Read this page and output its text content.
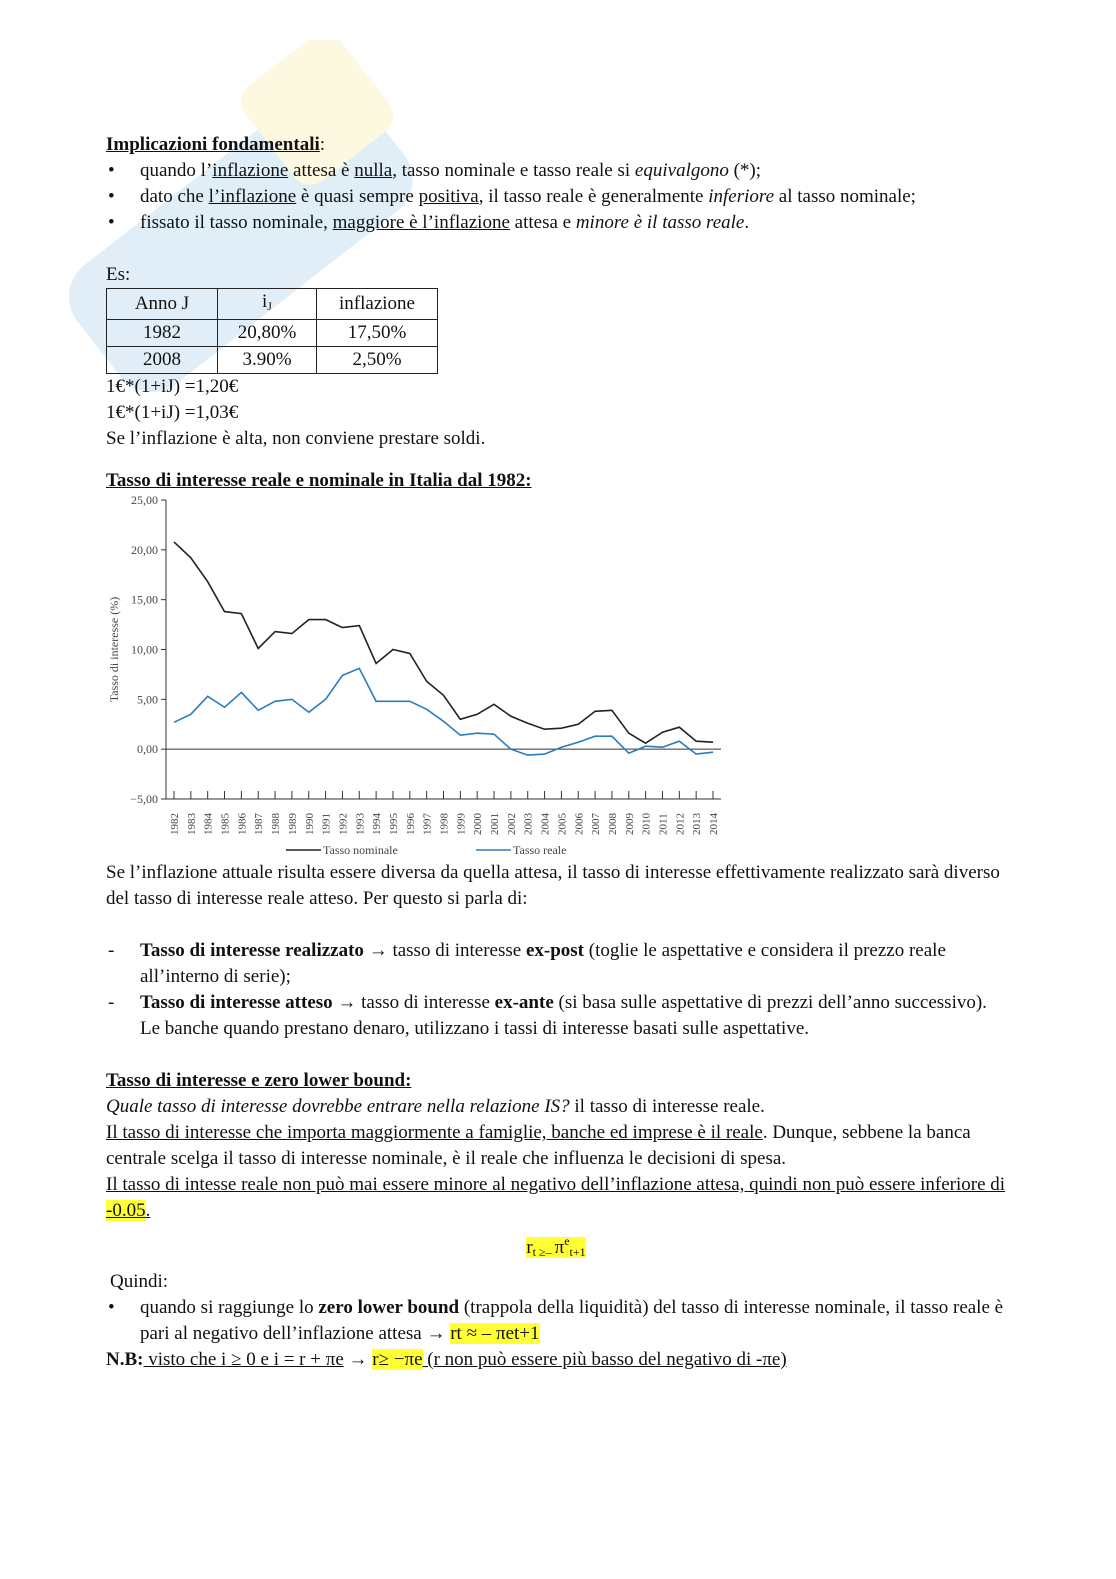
Implicazioni fondamentali:

• quando l’inflazione attesa è nulla, tasso nominale e tasso reale si equivalgono (*);
• dato che l’inflazione è quasi sempre positiva, il tasso reale è generalmente inferiore al tasso nominale;
• fissato il tasso nominale, maggiore è l’inflazione attesa e minore è il tasso reale.

Es:

Anno J	$i_J$	inflazione
1982	20,80%	17,50%
2008	3.90%	2,50%

1€*(1+iJ) =1,20€

1€*(1+iJ) =1,03€

Se l’inflazione è alta, non conviene prestare soldi.

Tasso di interesse reale e nominale in Italia dal 1982:

25,00
20,00
15,00
10,00
5,00
0,00
−5,00
Tasso di interesse (%)
1982 1983 1984 1985 1986 1987 1988 1989 1990 1991 1992 1993 1994 1995 1996 1997 1998 1999 2000 2001 2002 2003 2004 2005 2006 2007 2008 2009 2010 2011 2012 2013 2014
Tasso nominale	Tasso reale

Se l’inflazione attuale risulta essere diversa da quella attesa, il tasso di interesse effettivamente realizzato sarà diverso del tasso di interesse reale atteso. Per questo si parla di:

- Tasso di interesse realizzato → tasso di interesse ex-post (toglie le aspettative e considera il prezzo reale all’interno di serie);
- Tasso di interesse atteso → tasso di interesse ex-ante (si basa sulle aspettative di prezzi dell’anno successivo). Le banche quando prestano denaro, utilizzano i tassi di interesse basati sulle aspettative.

Tasso di interesse e zero lower bound:

Quale tasso di interesse dovrebbe entrare nella relazione IS? il tasso di interesse reale.

Il tasso di interesse che importa maggiormente a famiglie, banche ed imprese è il reale. Dunque, sebbene la banca centrale scelga il tasso di interesse nominale, è il reale che influenza le decisioni di spesa.

Il tasso di intesse reale non può mai essere minore al negativo dell’inflazione attesa, quindi non può essere inferiore di -0.05.

$r_t$ $_{\ge-}$ $\pi^e_{t+1}$

Quindi:

• quando si raggiunge lo zero lower bound (trappola della liquidità) del tasso di interesse nominale, il tasso reale è pari al negativo dell’inflazione attesa → rt ≈ – πet+1

N.B: visto che i ≥ 0 e i = r + πe → r≥ −πe (r non può essere più basso del negativo di -πe)
